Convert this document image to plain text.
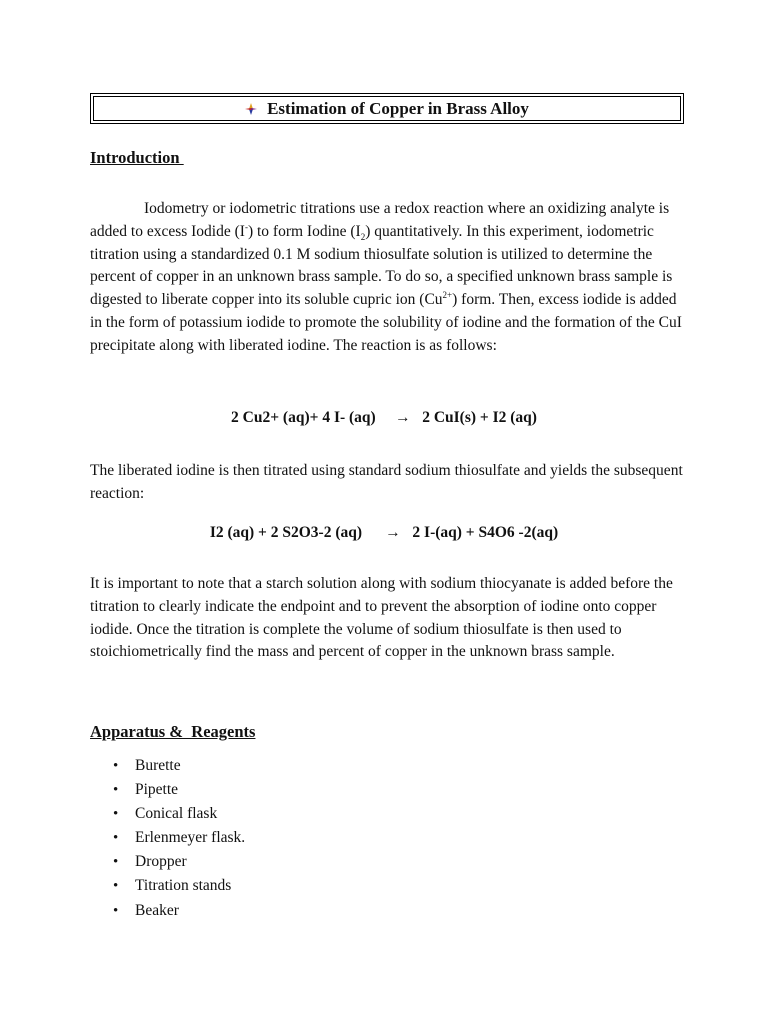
Estimation of Copper in Brass Alloy
Introduction
Iodometry or iodometric titrations use a redox reaction where an oxidizing analyte is added to excess Iodide (I-) to form Iodine $(I_2)$ quantitatively. In this experiment, iodometric titration using a standardized 0.1 M sodium thiosulfate solution is utilized to determine the percent of copper in an unknown brass sample. To do so, a specified unknown brass sample is digested to liberate copper into its soluble cupric ion $(Cu^{2+})$ form. Then, excess iodide is added in the form of potassium iodide to promote the solubility of iodine and the formation of the CuI precipitate along with liberated iodine. The reaction is as follows:
2 Cu2+ (aq)+ 4 I- (aq) → 2 CuI(s) + I2 (aq)
The liberated iodine is then titrated using standard sodium thiosulfate and yields the subsequent reaction:
I2 (aq) + 2 S2O3-2 (aq) → 2 I-(aq) + S4O6 -2(aq)
It is important to note that a starch solution along with sodium thiocyanate is added before the titration to clearly indicate the endpoint and to prevent the absorption of iodine onto copper iodide. Once the titration is complete the volume of sodium thiosulfate is then used to stoichiometrically find the mass and percent of copper in the unknown brass sample.
Apparatus &  Reagents
• Burette
• Pipette
• Conical flask
• Erlenmeyer flask.
• Dropper
• Titration stands
• Beaker
